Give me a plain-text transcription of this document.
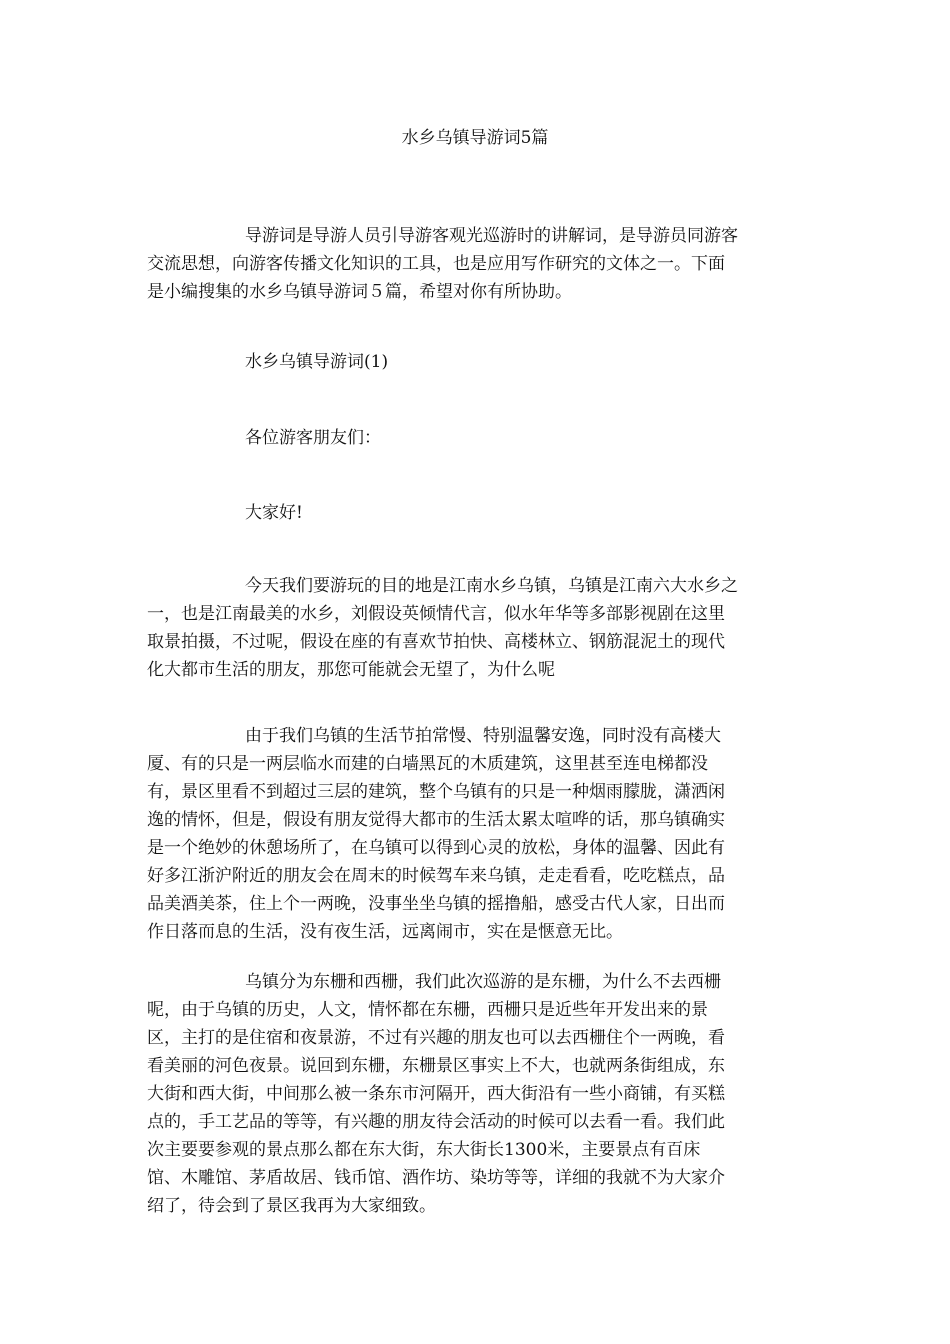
水乡乌镇导游词5篇
导游词是导游人员引导游客观光巡游时的讲解词，是导游员同游客
交流思想，向游客传播文化知识的工具，也是应用写作研究的文体之一。下面
是小编搜集的水乡乌镇导游词５篇，希望对你有所协助。
水乡乌镇导游词(1)
各位游客朋友们：
大家好!
今天我们要游玩的目的地是江南水乡乌镇，乌镇是江南六大水乡之
一，也是江南最美的水乡，刘假设英倾情代言，似水年华等多部影视剧在这里
取景拍摄，不过呢，假设在座的有喜欢节拍快、高楼林立、钢筋混泥土的现代
化大都市生活的朋友，那您可能就会无望了，为什么呢
由于我们乌镇的生活节拍常慢、特别温馨安逸，同时没有高楼大
厦、有的只是一两层临水而建的白墙黑瓦的木质建筑，这里甚至连电梯都没
有，景区里看不到超过三层的建筑，整个乌镇有的只是一种烟雨朦胧，潇洒闲
逸的情怀，但是，假设有朋友觉得大都市的生活太累太喧哗的话，那乌镇确实
是一个绝妙的休憩场所了，在乌镇可以得到心灵的放松，身体的温馨、因此有
好多江浙沪附近的朋友会在周末的时候驾车来乌镇，走走看看，吃吃糕点，品
品美酒美茶，住上个一两晚，没事坐坐乌镇的摇撸船，感受古代人家，日出而
作日落而息的生活，没有夜生活，远离闹市，实在是惬意无比。
乌镇分为东栅和西栅，我们此次巡游的是东栅，为什么不去西栅
呢，由于乌镇的历史，人文，情怀都在东栅，西栅只是近些年开发出来的景
区，主打的是住宿和夜景游，不过有兴趣的朋友也可以去西栅住个一两晚，看
看美丽的河色夜景。说回到东栅，东栅景区事实上不大，也就两条街组成，东
大街和西大街，中间那么被一条东市河隔开，西大街沿有一些小商铺，有买糕
点的，手工艺品的等等，有兴趣的朋友待会活动的时候可以去看一看。我们此
次主要要参观的景点那么都在东大街，东大街长1300米，主要景点有百床
馆、木雕馆、茅盾故居、钱币馆、酒作坊、染坊等等，详细的我就不为大家介
绍了，待会到了景区我再为大家细致。
